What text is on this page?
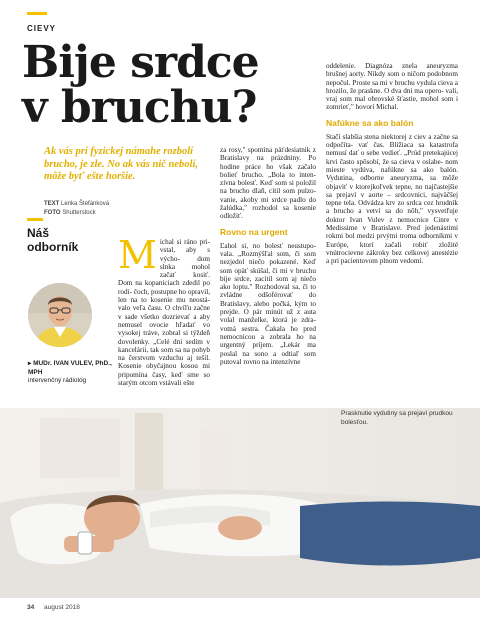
CIEVY
Bije srdce
v bruchu?
Ak vás pri fyzickej námahe rozbolí brucho, je zle. No ak vás nič nebolí, môže byť ešte horšie.
TEXT Lenka Štefánková
FOTO Shutterstock
Náš
odborník
▸ MUDr. IVAN VULEV, PhD., MPH
intervenčný rádiológ
M ichal si ráno pri- vstal, aby s výcho- dom slnka mohol začať kosiť. Dom na kopaniciach zdedil po rodi- čoch, postupne ho opravil, len na to kosenie mu neostá- valo veľa času. O chvíľu začne v sade všetko dozrievať a aby nemusel ovocie hľadať vo vysokej tráve, zobral si týždeň dovolenky. „Celé dni sedím v kancelárii, tak som sa na pohyb na čerstvom vzduchu aj tešil. Kosenie obyčajnou kosou mi pripomína časy, keď sme so starým otcom vstávali ešte

za rosy," spomína päťdesiatnik z Bratislavy na prázdniny. Po hodine práce ho však začalo bolieť brucho. „Bola to inten- zívna bolesť. Keď som si položil na brucho dlaň, cítil som pulzo- vanie, akoby mi srdce padlo do žalúdka," rozhodol sa kosenie odložiť.

Rovno na urgent

Ľahol si, no bolesť neustupo- vala. „Rozmýšľal som, či som nezjedol niečo pokazené. Keď som opäť skúšal, či mi v bruchu bije srdce, zacítil som aj niečo ako loptu." Rozhodoval sa, či to zvládne odšoférovať do Bratislavy, alebo počká, kým to prejde. O pár minút už z auta volal manželke, ktorá je zdra- votná sestra. Čakala ho pred nemocnicou a zobrala ho na urgentný príjem. „Lekár ma poslal na sono a odtiaľ som putoval rovno na intenzívne

oddelenie. Diagnóza znela aneuryzma brušnej aorty. Nikdy som o ničom podobnom nepočul. Proste sa mi v bruchu vydula cieva a hrozilo, že praskne. O dva dni ma opero- vali, vraj som mal obrovské šťastie, mohol som i zomrieť," hovorí Michal.

Nafúkne sa ako balón

Stačí slabšia stena niektorej z ciev a začne sa odpočíta- vať čas. Blížiaca sa katastrofa nemusí dať o sebe vedieť. „Prúd pretekajúcej krvi často spôsobí, že sa cieva v oslabe- nom mieste vydúva, nafúkne sa ako balón. Vydutina, odborne aneuryzma, sa môže objaviť v ktorejkoľvek tepne, no najčastejšie sa prejaví v aorte – srdcovnici, najväčšej tepne tela. Odvádza krv zo srdca cez hrudník a brucho a vetví sa do nôh," vysvetľuje doktor Ivan Vulev z nemocnice Cinre v Medissime v Bratislave. Pred jedenástimi rokmi bol medzi prvými troma odborníkmi v Európe, ktorí začali robiť zložité vnútrocievne zákroky bez celkovej anestézie a pri pacientovom plnom vedomí.

Prasknutie vydutiny sa prejaví prudkou bolesťou.
34 august 2018
